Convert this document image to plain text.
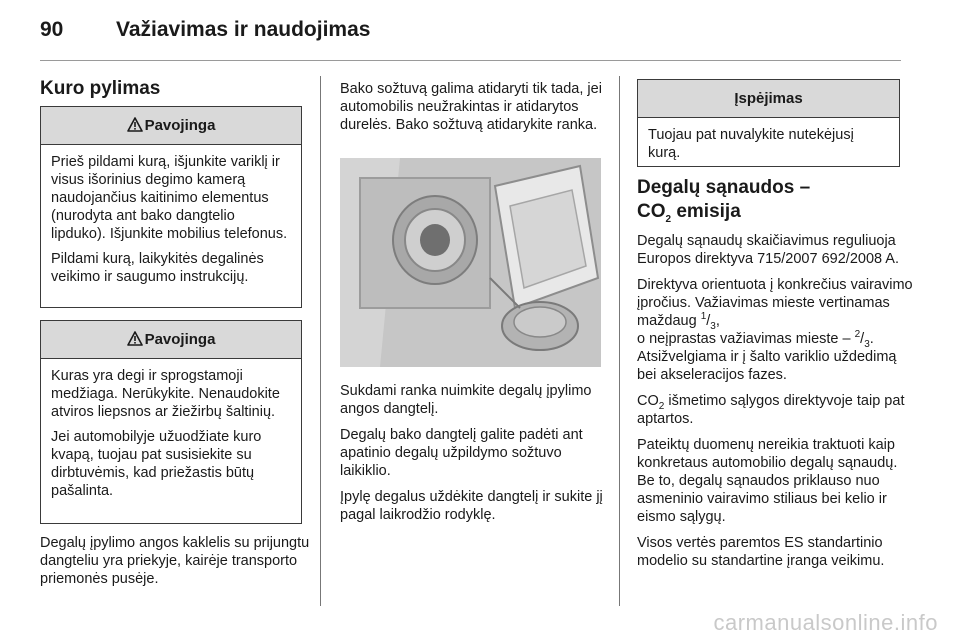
90	Važiavimas ir naudojimas
Kuro pylimas
Pavojinga

Prieš pildami kurą, išjunkite variklį ir visus išorinius degimo kamerą naudojančius kaitinimo elementus (nurodyta ant bako dangtelio lipduko). Išjunkite mobilius telefonus.

Pildami kurą, laikykitės degalinės veikimo ir saugumo instrukcijų.

Pavojinga

Kuras yra degi ir sprogstamoji medžiaga. Nerūkykite. Nenaudokite atviros liepsnos ar žiežirbų šaltinių.

Jei automobilyje užuodžiate kuro kvapą, tuojau pat susisiekite su dirbtuvėmis, kad priežastis būtų pašalinta.

Degalų įpylimo angos kaklelis su prijungtu dangteliu yra priekyje, kairėje transporto priemonės pusėje.
Bako sožtuvą galima atidaryti tik tada, jei automobilis neužrakintas ir atidarytos durelės. Bako sožtuvą atidarykite ranka.

Sukdami ranka nuimkite degalų įpylimo angos dangtelį.

Degalų bako dangtelį galite padėti ant apatinio degalų užpildymo sožtuvo laikiklio.

Įpylę degalus uždėkite dangtelį ir sukite jį pagal laikrodžio rodyklę.

Įspėjimas

Tuojau pat nuvalykite nutekėjusį kurą.

Degalų sąnaudos –
$CO_2$ emisija

Degalų sąnaudų skaičiavimus reguliuoja Europos direktyva 715/2007 692/2008 A.

Direktyva orientuota į konkrečius vairavimo įpročius. Važiavimas mieste vertinamas maždaug $^1/_3$,
o neįprastas važiavimas mieste – $^2/_3$.
Atsižvelgiama ir į šalto variklio uždedimą bei akseleracijos fazes.

$CO_2$ išmetimo sąlygos direktyvoje taip pat aptartos.

Pateiktų duomenų nereikia traktuoti kaip konkretaus automobilio degalų sąnaudų. Be to, degalų sąnaudos priklauso nuo asmeninio vairavimo stiliaus bei kelio ir eismo sąlygų.

Visos vertės paremtos ES standartinio modelio su standartine įranga veikimu.

carmanualsonline.info
